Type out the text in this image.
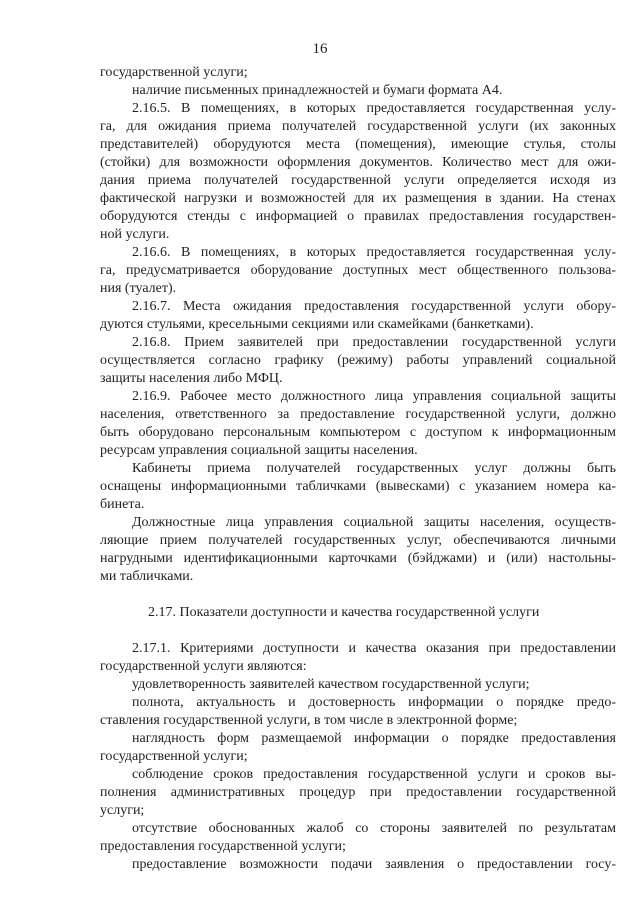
16
государственной услуги;
наличие письменных принадлежностей и бумаги формата А4.
2.16.5. В помещениях, в которых предоставляется государственная услу-
га, для ожидания приема получателей государственной услуги (их законных
представителей) оборудуются места (помещения), имеющие стулья, столы
(стойки) для возможности оформления документов. Количество мест для ожи-
дания приема получателей государственной услуги определяется исходя из
фактической нагрузки и возможностей для их размещения в здании. На стенах
оборудуются стенды с информацией о правилах предоставления государствен-
ной услуги.
2.16.6. В помещениях, в которых предоставляется государственная услу-
га, предусматривается оборудование доступных мест общественного пользова-
ния (туалет).
2.16.7. Места ожидания предоставления государственной услуги обору-
дуются стульями, кресельными секциями или скамейками (банкетками).
2.16.8. Прием заявителей при предоставлении государственной услуги
осуществляется согласно графику (режиму) работы управлений социальной
защиты населения либо МФЦ.
2.16.9. Рабочее место должностного лица управления социальной защиты
населения, ответственного за предоставление государственной услуги, должно
быть оборудовано персональным компьютером с доступом к информационным
ресурсам управления социальной защиты населения.
Кабинеты приема получателей государственных услуг должны быть
оснащены информационными табличками (вывесками) с указанием номера ка-
бинета.
Должностные лица управления социальной защиты населения, осуществ-
ляющие прием получателей государственных услуг, обеспечиваются личными
нагрудными идентификационными карточками (бэйджами) и (или) настольны-
ми табличками.
2.17. Показатели доступности и качества государственной услуги
2.17.1. Критериями доступности и качества оказания при предоставлении
государственной услуги являются:
удовлетворенность заявителей качеством государственной услуги;
полнота, актуальность и достоверность информации о порядке предо-
ставления государственной услуги, в том числе в электронной форме;
наглядность форм размещаемой информации о порядке предоставления
государственной услуги;
соблюдение сроков предоставления государственной услуги и сроков вы-
полнения административных процедур при предоставлении государственной
услуги;
отсутствие обоснованных жалоб со стороны заявителей по результатам
предоставления государственной услуги;
предоставление возможности подачи заявления о предоставлении госу-
